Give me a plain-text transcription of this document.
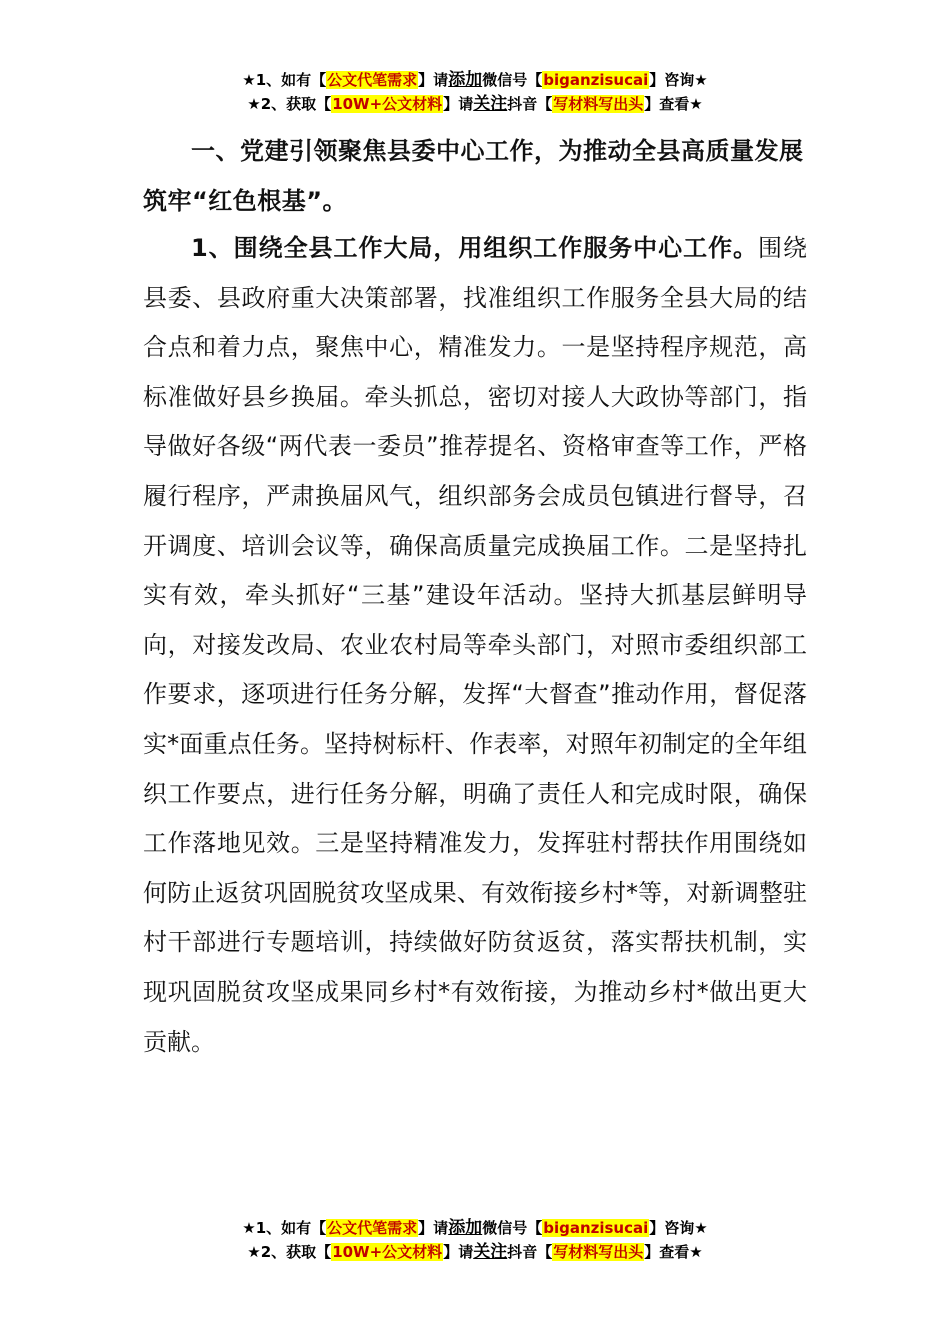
★1、如有【公文代笔需求】请添加微信号【biganzisucai】咨询★
★2、获取【10W+公文材料】请关注抖音【写材料写出头】查看★
一、党建引领聚焦县委中心工作，为推动全县高质量发展筑牢“红色根基”。
1、围绕全县工作大局，用组织工作服务中心工作。围绕县委、县政府重大决策部署，找准组织工作服务全县大局的结合点和着力点，聚焦中心，精准发力。一是坚持程序规范，高标准做好县乡换届。牵头抓总，密切对接人大政协等部门，指导做好各级“两代表一委员”推荐提名、资格审查等工作，严格履行程序，严肃换届风气，组织部务会成员包镇进行督导，召开调度、培训会议等，确保高质量完成换届工作。二是坚持扎实有效，牵头抓好“三基”建设年活动。坚持大抓基层鲜明导向，对接发改局、农业农村局等牵头部门，对照市委组织部工作要求，逐项进行任务分解，发挥“大督查”推动作用，督促落实*面重点任务。坚持树标杆、作表率，对照年初制定的全年组织工作要点，进行任务分解，明确了责任人和完成时限，确保工作落地见效。三是坚持精准发力，发挥驻村帮扶作用围绕如何防止返贫巩固脱贫攻坚成果、有效衔接乡村*等，对新调整驻村干部进行专题培训，持续做好防贫返贫，落实帮扶机制，实现巩固脱贫攻坚成果同乡村*有效衔接，为推动乡村*做出更大贡献。
★1、如有【公文代笔需求】请添加微信号【biganzisucai】咨询★
★2、获取【10W+公文材料】请关注抖音【写材料写出头】查看★
